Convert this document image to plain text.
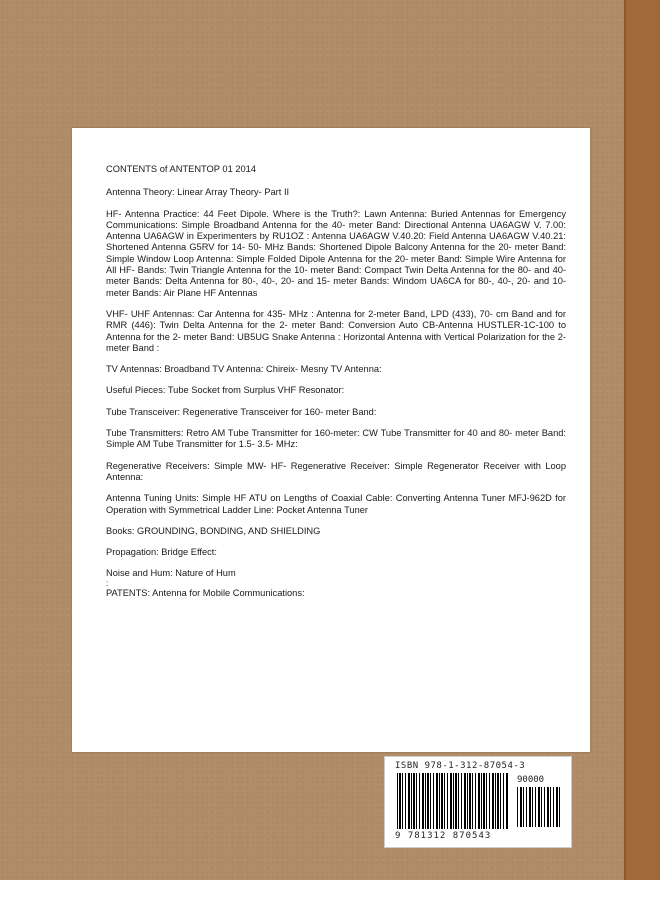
CONTENTS of ANTENTOP 01 2014

Antenna Theory: Linear Array Theory- Part II

HF- Antenna Practice: 44 Feet Dipole. Where is the Truth?: Lawn Antenna: Buried Antennas for Emergency Communications: Simple Broadband Antenna for the 40- meter Band: Directional Antenna UA6AGW V. 7.00: Antenna UA6AGW in Experimenters by RU1OZ : Antenna UA6AGW V.40.20: Field Antenna UA6AGW V.40.21: Shortened Antenna G5RV for 14- 50- MHz Bands: Shortened Dipole Balcony Antenna for the 20- meter Band: Simple Window Loop Antenna: Simple Folded Dipole Antenna for the 20- meter Band: Simple Wire Antenna for All HF- Bands: Twin Triangle Antenna for the 10- meter Band: Compact Twin Delta Antenna for the 80- and 40- meter Bands: Delta Antenna for 80-, 40-, 20- and 15- meter Bands: Windom UA6CA for 80-, 40-, 20- and 10- meter Bands: Air Plane HF Antennas

VHF- UHF Antennas: Car Antenna for 435- MHz : Antenna for 2-meter Band, LPD (433), 70- cm Band and for RMR (446): Twin Delta Antenna for the 2- meter Band: Conversion Auto CB-Antenna HUSTLER-1C-100 to Antenna for the 2- meter Band: UB5UG Snake Antenna : Horizontal Antenna with Vertical Polarization for the 2- meter Band :

TV Antennas: Broadband TV Antenna: Chireix- Mesny TV Antenna:

Useful Pieces: Tube Socket from Surplus VHF Resonator:

Tube Transceiver: Regenerative Transceiver for 160- meter Band:

Tube Transmitters: Retro AM Tube Transmitter for 160-meter: CW Tube Transmitter for 40 and 80- meter Band: Simple AM Tube Transmitter for 1.5- 3.5- MHz:

Regenerative Receivers: Simple MW- HF- Regenerative Receiver: Simple Regenerator Receiver with Loop Antenna:

Antenna Tuning Units: Simple HF ATU on Lengths of Coaxial Cable: Converting Antenna Tuner MFJ-962D for Operation with Symmetrical Ladder Line: Pocket Antenna Tuner

Books: GROUNDING, BONDING, AND SHIELDING

Propagation: Bridge Effect:

Noise and Hum: Nature of Hum

:

PATENTS: Antenna for Mobile Communications:

ISBN 978-1-312-87054-3
90000
9 781312 870543
